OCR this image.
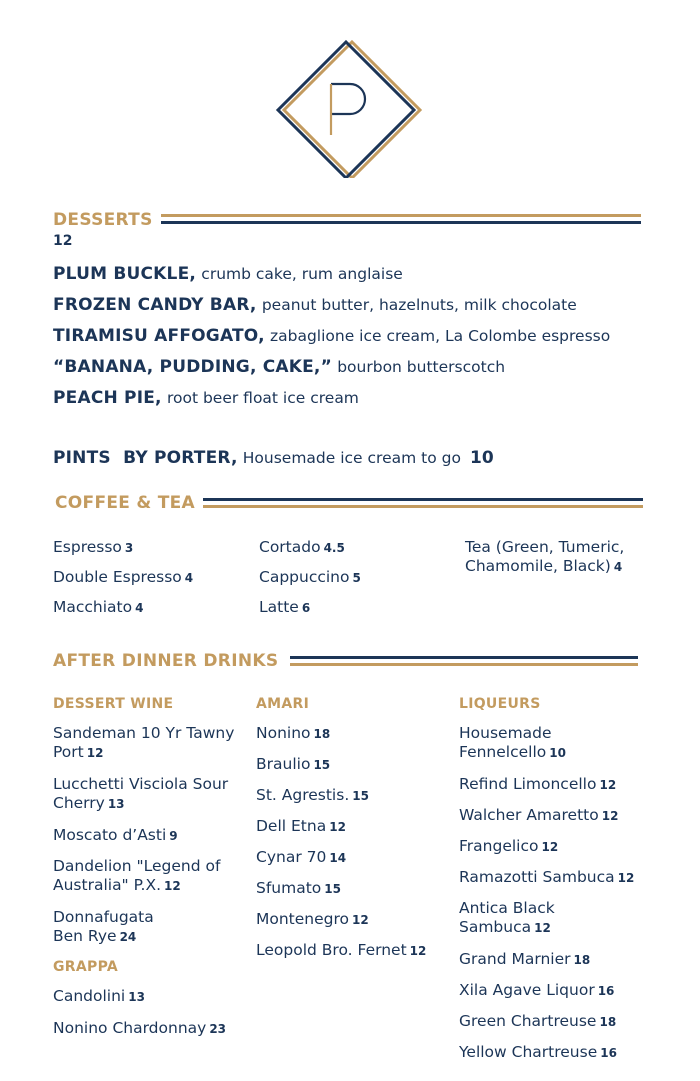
DESSERTS
12
PLUM BUCKLE, crumb cake, rum anglaise
FROZEN CANDY BAR, peanut butter, hazelnuts, milk chocolate
TIRAMISU AFFOGATO, zabaglione ice cream, La Colombe espresso
“BANANA, PUDDING, CAKE,” bourbon butterscotch
PEACH PIE, root beer float ice cream
PINTS  BY PORTER, Housemade ice cream to go 10
COFFEE & TEA
Espresso 3
Double Espresso 4
Macchiato 4
Cortado 4.5
Cappuccino 5
Latte 6
Tea (Green, Tumeric, Chamomile, Black) 4
AFTER DINNER DRINKS
DESSERT WINE
Sandeman 10 Yr Tawny Port 12
Lucchetti Visciola Sour Cherry 13
Moscato d’Asti 9
Dandelion "Legend of Australia" P.X. 12
Donnafugata Ben Rye 24
GRAPPA
Candolini 13
Nonino Chardonnay 23
AMARI
Nonino 18
Braulio 15
St. Agrestis. 15
Dell Etna 12
Cynar 70 14
Sfumato 15
Montenegro 12
Leopold Bro. Fernet 12
LIQUEURS
Housemade Fennelcello 10
Refind Limoncello 12
Walcher Amaretto 12
Frangelico 12
Ramazotti Sambuca 12
Antica Black Sambuca 12
Grand Marnier 18
Xila Agave Liquor 16
Green Chartreuse 18
Yellow Chartreuse 16
